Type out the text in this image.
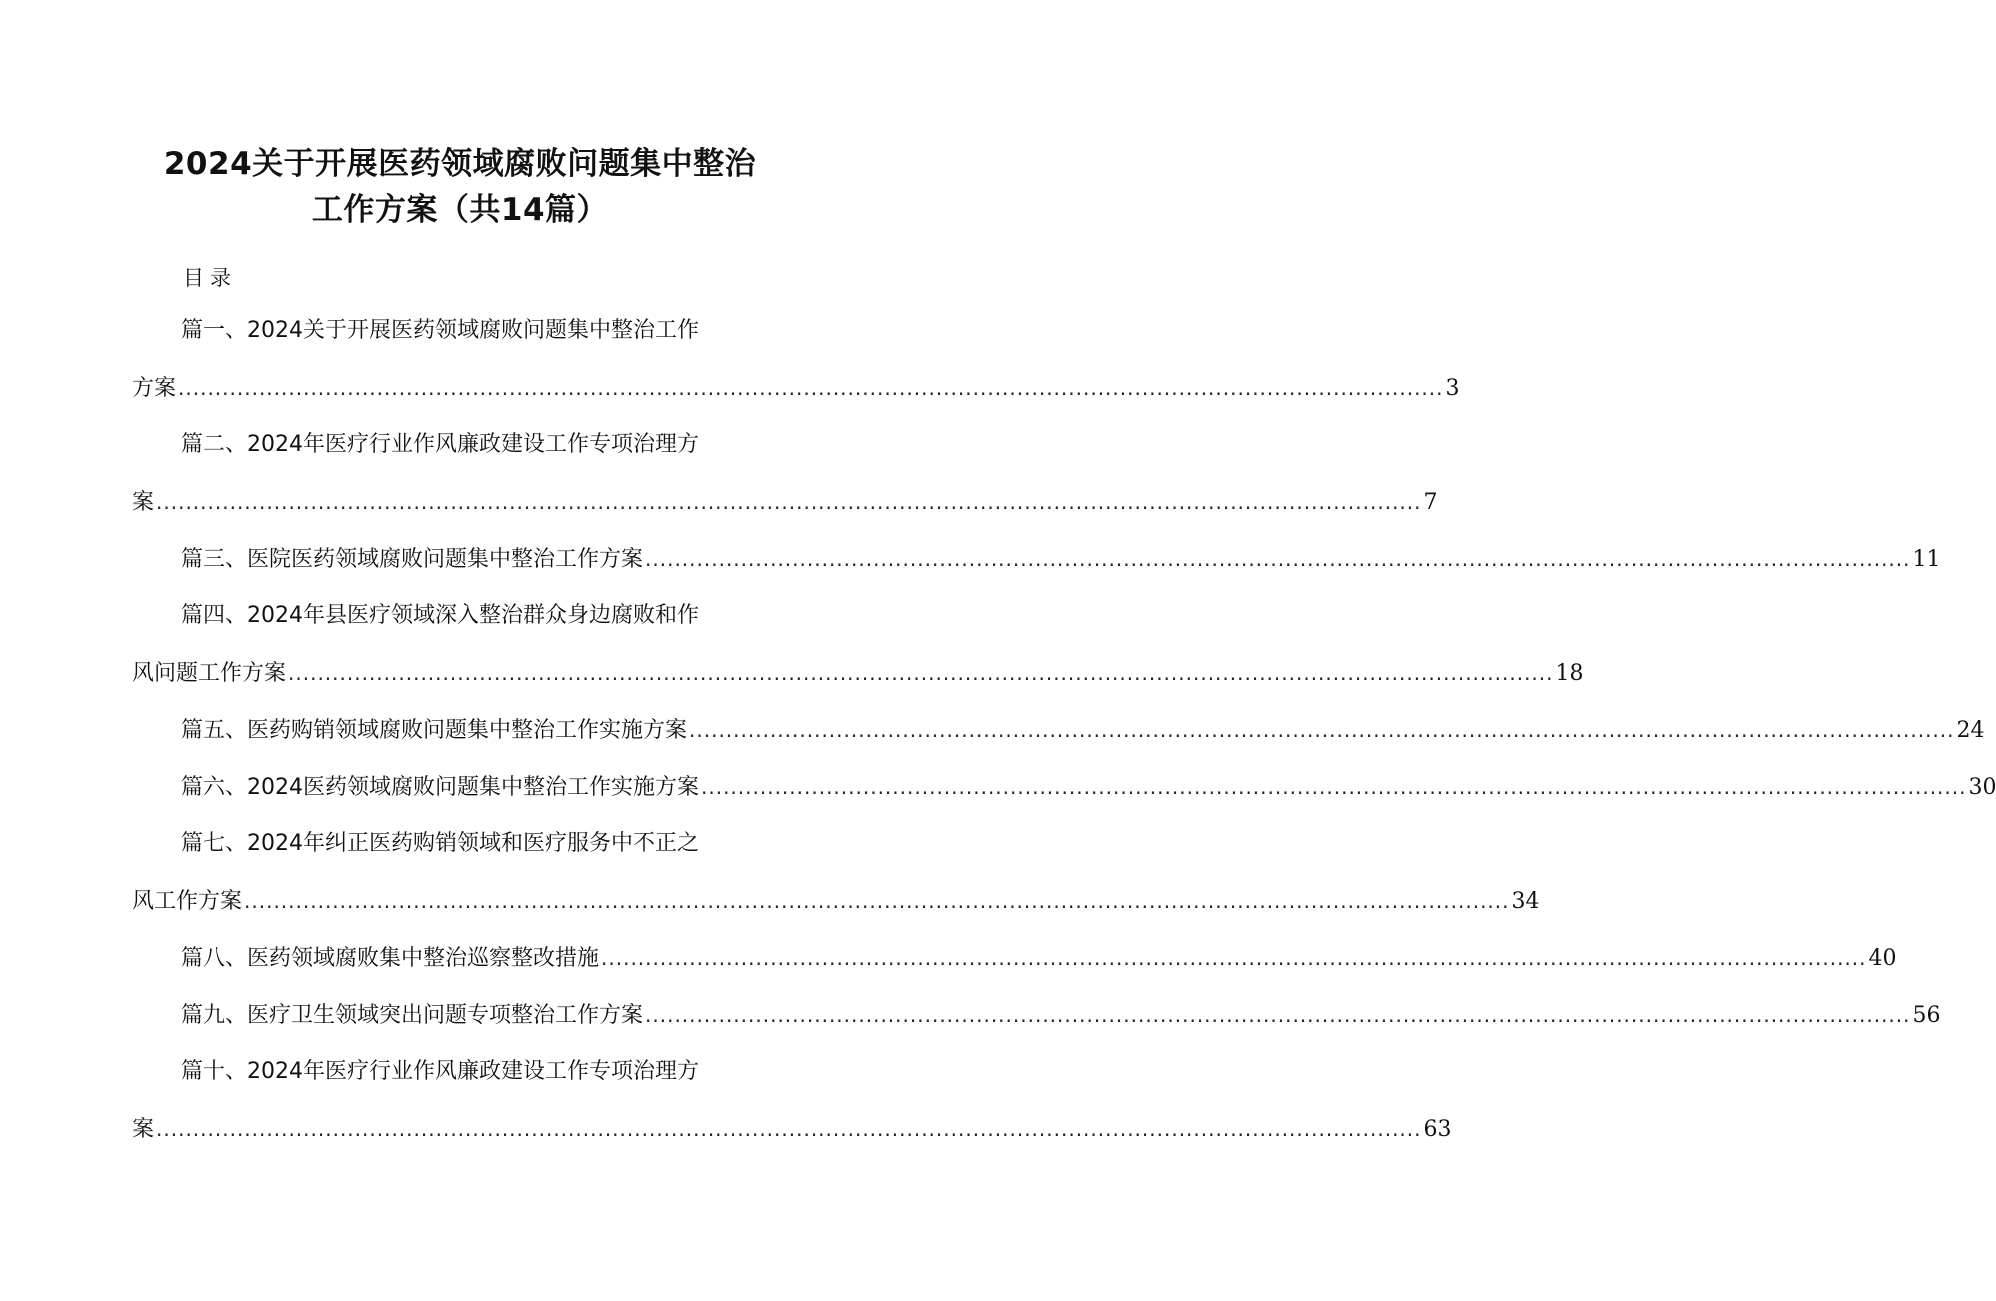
2024关于开展医药领域腐败问题集中整治
工作方案（共14篇）
目录
篇一、2024关于开展医药领域腐败问题集中整治工作
方案 ............................................................................................................................................................................ 3
篇二、2024年医疗行业作风廉政建设工作专项治理方
案 ............................................................................................................................................................................ 7
篇三、医院医药领域腐败问题集中整治工作方案 ............................................................................................................................................................................ 11
篇四、2024年县医疗领域深入整治群众身边腐败和作
风问题工作方案 ............................................................................................................................................................................ 18
篇五、医药购销领域腐败问题集中整治工作实施方案 ............................................................................................................................................................................ 24
篇六、2024医药领域腐败问题集中整治工作实施方案 ............................................................................................................................................................................ 30
篇七、2024年纠正医药购销领域和医疗服务中不正之
风工作方案 ............................................................................................................................................................................ 34
篇八、医药领域腐败集中整治巡察整改措施 ............................................................................................................................................................................ 40
篇九、医疗卫生领域突出问题专项整治工作方案 ............................................................................................................................................................................ 56
篇十、2024年医疗行业作风廉政建设工作专项治理方
案 ............................................................................................................................................................................ 63
